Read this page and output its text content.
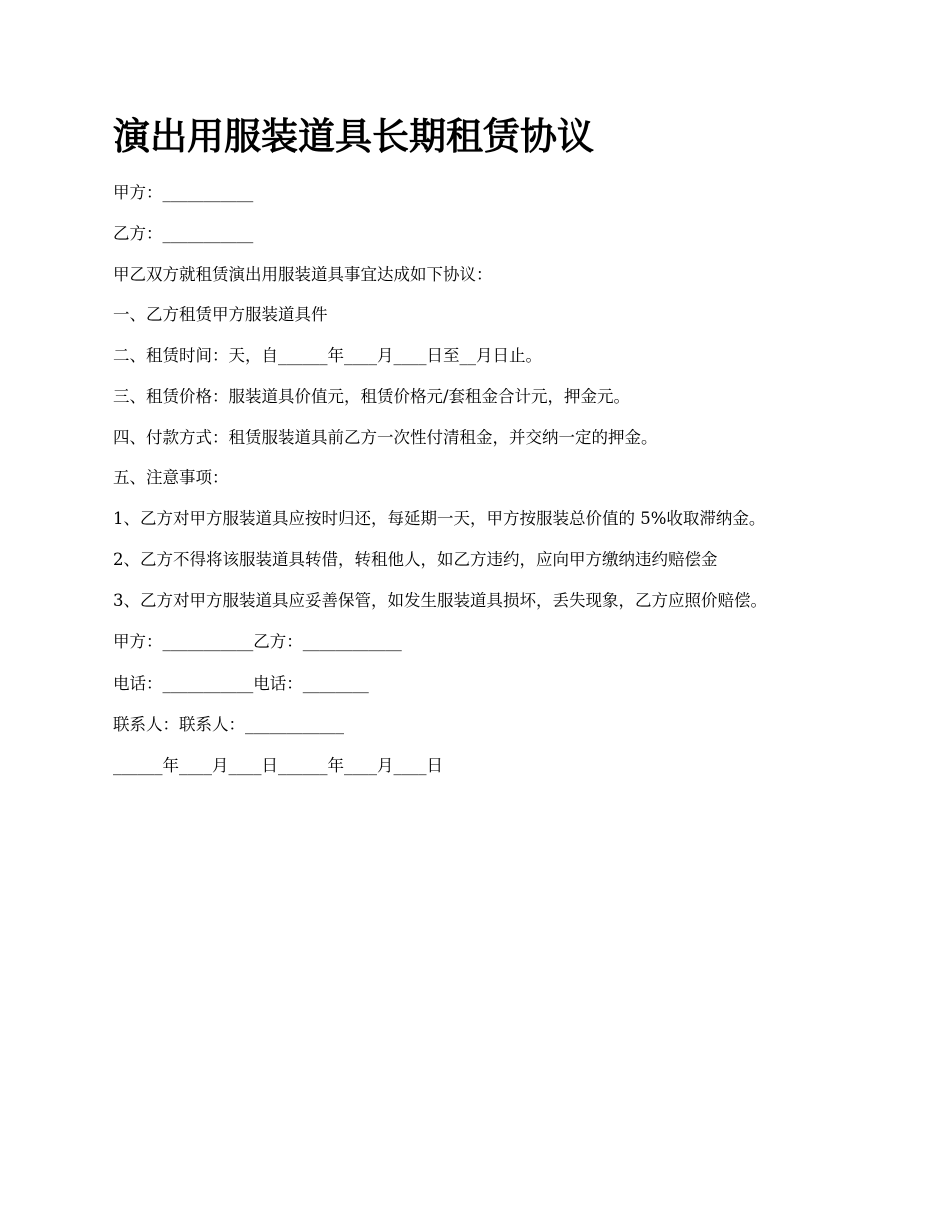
演出用服装道具长期租赁协议

甲方：___________

乙方：___________

甲乙双方就租赁演出用服装道具事宜达成如下协议：

一、乙方租赁甲方服装道具件

二、租赁时间：天，自______年____月____日至__月日止。

三、租赁价格：服装道具价值元，租赁价格元/套租金合计元，押金元。

四、付款方式：租赁服装道具前乙方一次性付清租金，并交纳一定的押金。

五、注意事项：

1、乙方对甲方服装道具应按时归还，每延期一天，甲方按服装总价值的 5%收取滞纳金。

2、乙方不得将该服装道具转借，转租他人，如乙方违约，应向甲方缴纳违约赔偿金

3、乙方对甲方服装道具应妥善保管，如发生服装道具损坏，丢失现象，乙方应照价赔偿。

甲方：___________乙方：____________

电话：___________电话：________

联系人：联系人：____________

______年____月____日______年____月____日
